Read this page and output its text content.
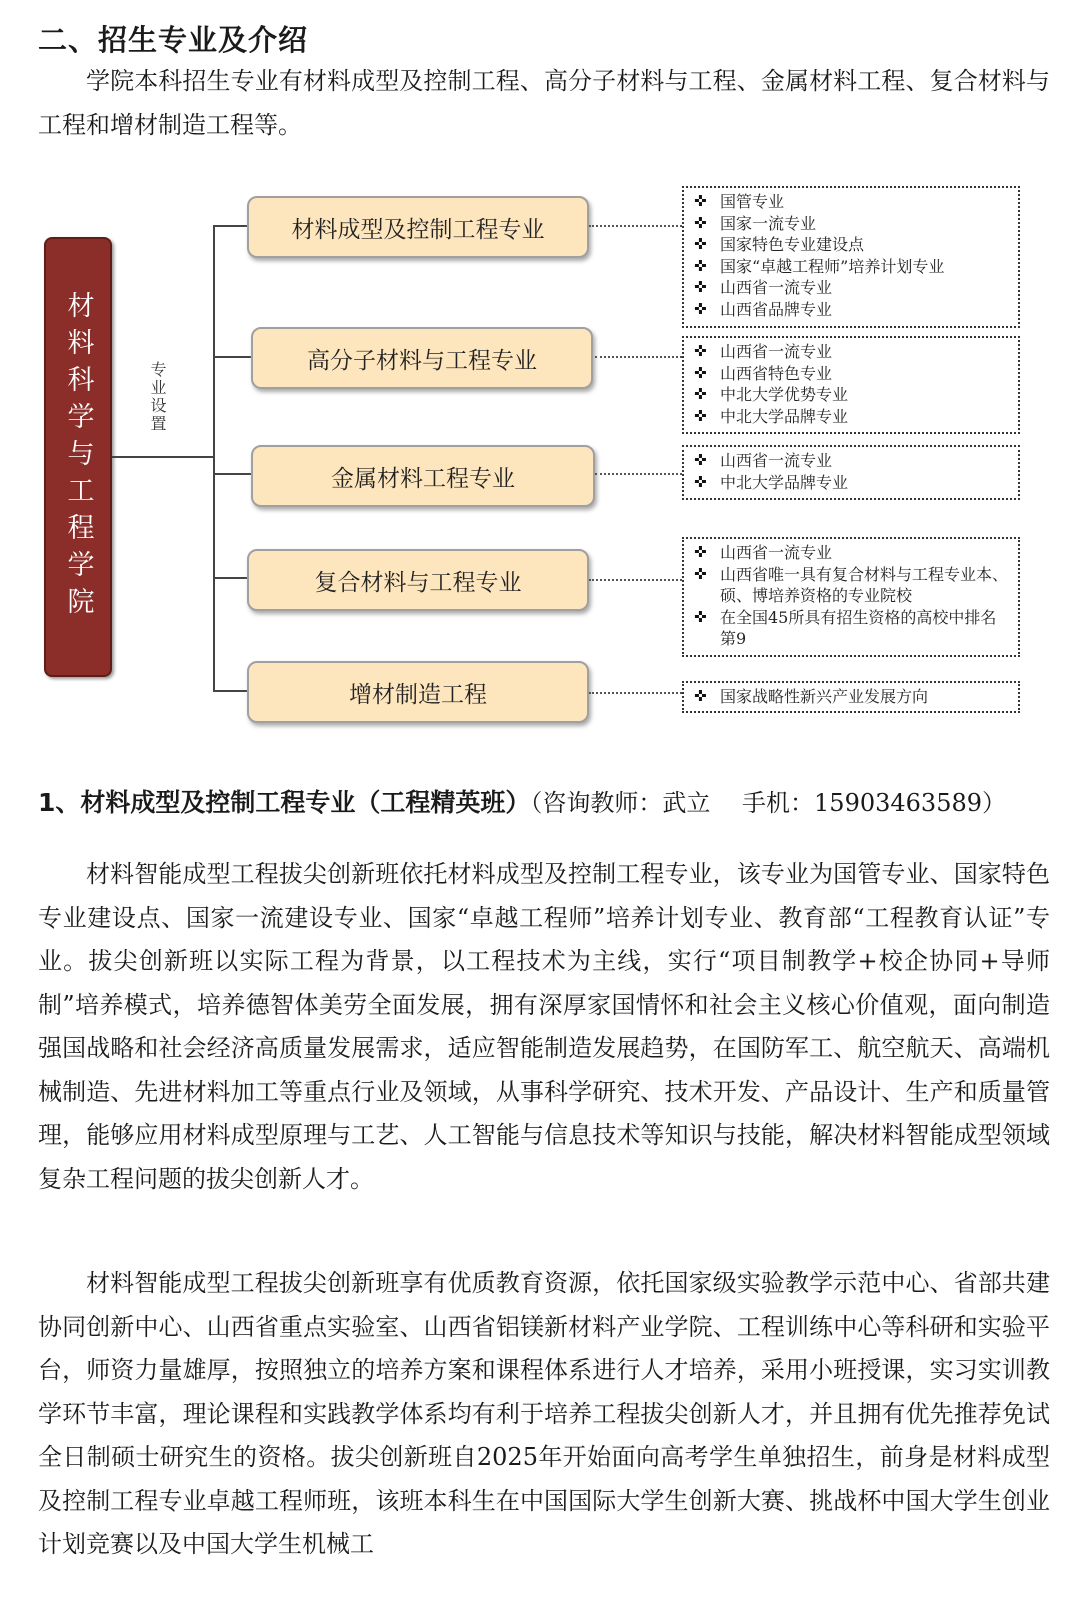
二、招生专业及介绍

学院本科招生专业有材料成型及控制工程、高分子材料与工程、金属材料工程、复合材料与工程和增材制造工程等。

材料科学与工程学院	专业设置
材料成型及控制工程专业
高分子材料与工程专业
金属材料工程专业
复合材料与工程专业
增材制造工程
✜ 国管专业
✜ 国家一流专业
✜ 国家特色专业建设点
✜ 国家“卓越工程师”培养计划专业
✜ 山西省一流专业
✜ 山西省品牌专业
✜ 山西省一流专业
✜ 山西省特色专业
✜ 中北大学优势专业
✜ 中北大学品牌专业
✜ 山西省一流专业
✜ 中北大学品牌专业
✜ 山西省一流专业
✜ 山西省唯一具有复合材料与工程专业本、硕、博培养资格的专业院校
✜ 在全国45所具有招生资格的高校中排名第9
✜ 国家战略性新兴产业发展方向
1、材料成型及控制工程专业（工程精英班）（咨询教师：武立　 手机：15903463589）

材料智能成型工程拔尖创新班依托材料成型及控制工程专业，该专业为国管专业、国家特色专业建设点、国家一流建设专业、国家“卓越工程师”培养计划专业、教育部“工程教育认证”专业。拔尖创新班以实际工程为背景，以工程技术为主线，实行“项目制教学+校企协同+导师制”培养模式，培养德智体美劳全面发展，拥有深厚家国情怀和社会主义核心价值观，面向制造强国战略和社会经济高质量发展需求，适应智能制造发展趋势，在国防军工、航空航天、高端机械制造、先进材料加工等重点行业及领域，从事科学研究、技术开发、产品设计、生产和质量管理，能够应用材料成型原理与工艺、人工智能与信息技术等知识与技能，解决材料智能成型领域复杂工程问题的拔尖创新人才。

材料智能成型工程拔尖创新班享有优质教育资源，依托国家级实验教学示范中心、省部共建协同创新中心、山西省重点实验室、山西省铝镁新材料产业学院、工程训练中心等科研和实验平台，师资力量雄厚，按照独立的培养方案和课程体系进行人才培养，采用小班授课，实习实训教学环节丰富，理论课程和实践教学体系均有利于培养工程拔尖创新人才，并且拥有优先推荐免试全日制硕士研究生的资格。拔尖创新班自2025年开始面向高考学生单独招生，前身是材料成型及控制工程专业卓越工程师班，该班本科生在中国国际大学生创新大赛、挑战杯中国大学生创业计划竞赛以及中国大学生机械工
